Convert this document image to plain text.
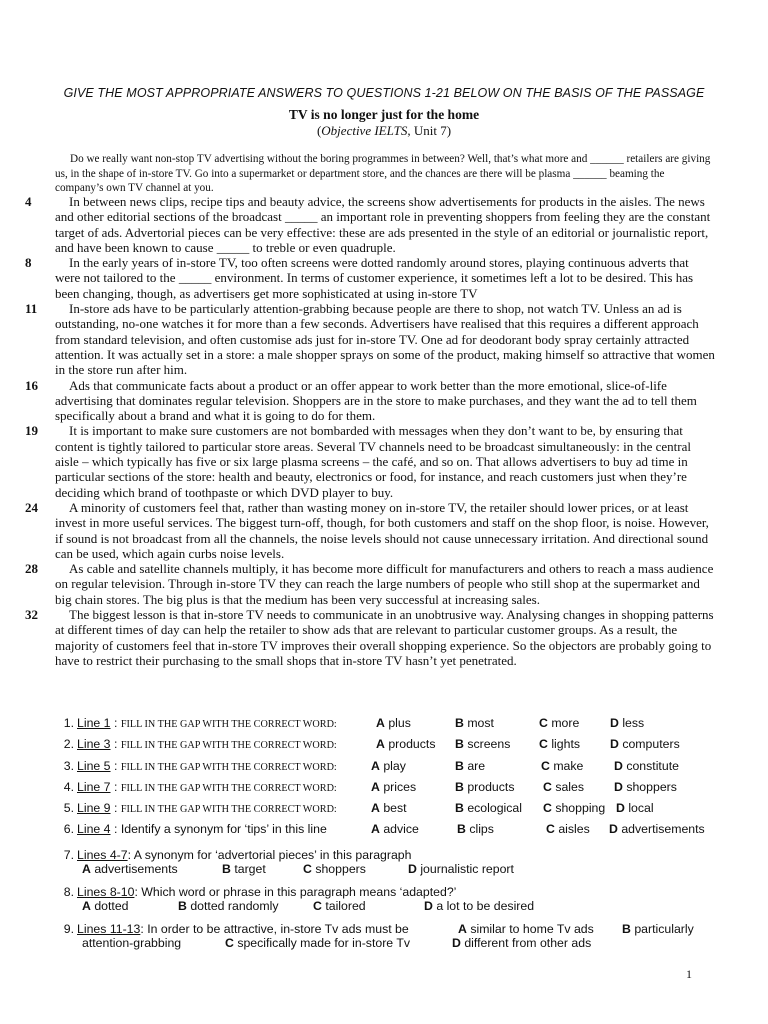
GIVE THE MOST APPROPRIATE ANSWERS TO QUESTIONS 1-21 BELOW ON THE BASIS OF THE PASSAGE
TV is no longer just for the home
(Objective IELTS, Unit 7)

Do we really want non-stop TV advertising without the boring programmes in between? Well, that’s what more and ______ retailers are giving us, in the shape of in-store TV. Go into a supermarket or department store, and the chances are there will be plasma ______ beaming the company’s own TV channel at you.

4	In between news clips, recipe tips and beauty advice, the screens show advertisements for products in the aisles. The news and other editorial sections of the broadcast _____ an important role in preventing shoppers from feeling they are the constant target of ads. Advertorial pieces can be very effective: these are ads presented in the style of an editorial or journalistic report, and have been known to cause _____ to treble or even quadruple.

8	In the early years of in-store TV, too often screens were dotted randomly around stores, playing continuous adverts that were not tailored to the _____ environment. In terms of customer experience, it sometimes left a lot to be desired. This has been changing, though, as advertisers get more sophisticated at using in-store TV

11	In-store ads have to be particularly attention-grabbing because people are there to shop, not watch TV. Unless an ad is outstanding, no-one watches it for more than a few seconds. Advertisers have realised that this requires a different approach from standard television, and often customise ads just for in-store TV. One ad for deodorant body spray certainly attracted attention. It was actually set in a store: a male shopper sprays on some of the product, making himself so attractive that women in the store run after him.

16	Ads that communicate facts about a product or an offer appear to work better than the more emotional, slice-of-life advertising that dominates regular television. Shoppers are in the store to make purchases, and they want the ad to tell them specifically about a brand and what it is going to do for them.

19	It is important to make sure customers are not bombarded with messages when they don’t want to be, by ensuring that content is tightly tailored to particular store areas. Several TV channels need to be broadcast simultaneously: in the central aisle – which typically has five or six large plasma screens – the café, and so on. That allows advertisers to buy ad time in particular sections of the store: health and beauty, electronics or food, for instance, and reach customers just when they’re deciding which brand of toothpaste or which DVD player to buy.

24	A minority of customers feel that, rather than wasting money on in-store TV, the retailer should lower prices, or at least invest in more useful services. The biggest turn-off, though, for both customers and staff on the shop floor, is noise. However, if sound is not broadcast from all the channels, the noise levels should not cause unnecessary irritation. And directional sound can be used, which again curbs noise levels.

28	As cable and satellite channels multiply, it has become more difficult for manufacturers and others to reach a mass audience on regular television. Through in-store TV they can reach the large numbers of people who still shop at the supermarket and big chain stores. The big plus is that the medium has been very successful at increasing sales.

32	The biggest lesson is that in-store TV needs to communicate in an unobtrusive way. Analysing changes in shopping patterns at different times of day can help the retailer to show ads that are relevant to particular customer groups. As a result, the majority of customers feel that in-store TV improves their overall shopping experience. So the objectors are probably going to have to restrict their purchasing to the small shops that in-store TV hasn’t yet penetrated.

1. Line 1 : FILL IN THE GAP WITH THE CORRECT WORD:	A plus	B most	C more D less
2. Line 3 : FILL IN THE GAP WITH THE CORRECT WORD:	A products B screens C lights D computers
3. Line 5 : FILL IN THE GAP WITH THE CORRECT WORD:	A play	B are	C make D constitute
4. Line 7 : FILL IN THE GAP WITH THE CORRECT WORD:	A prices	B products C sales D shoppers
5. Line 9 : FILL IN THE GAP WITH THE CORRECT WORD:	A best	B ecological C shopping D local
6. Line 4 : Identify a synonym for ‘tips’ in this line	A advice	B clips	C aisles D advertisements
7. Lines 4-7: A synonym for ‘advertorial pieces’ in this paragraph
A advertisements	B target	C shoppers	D journalistic report
8. Lines 8-10: Which word or phrase in this paragraph means ‘adapted?’
A dotted	B dotted randomly	C tailored	D a lot to be desired
9. Lines 11-13: In order to be attractive, in-store Tv ads must be	A similar to home Tv ads B particularly
attention-grabbing	C specifically made for in-store Tv	D different from other ads
1
